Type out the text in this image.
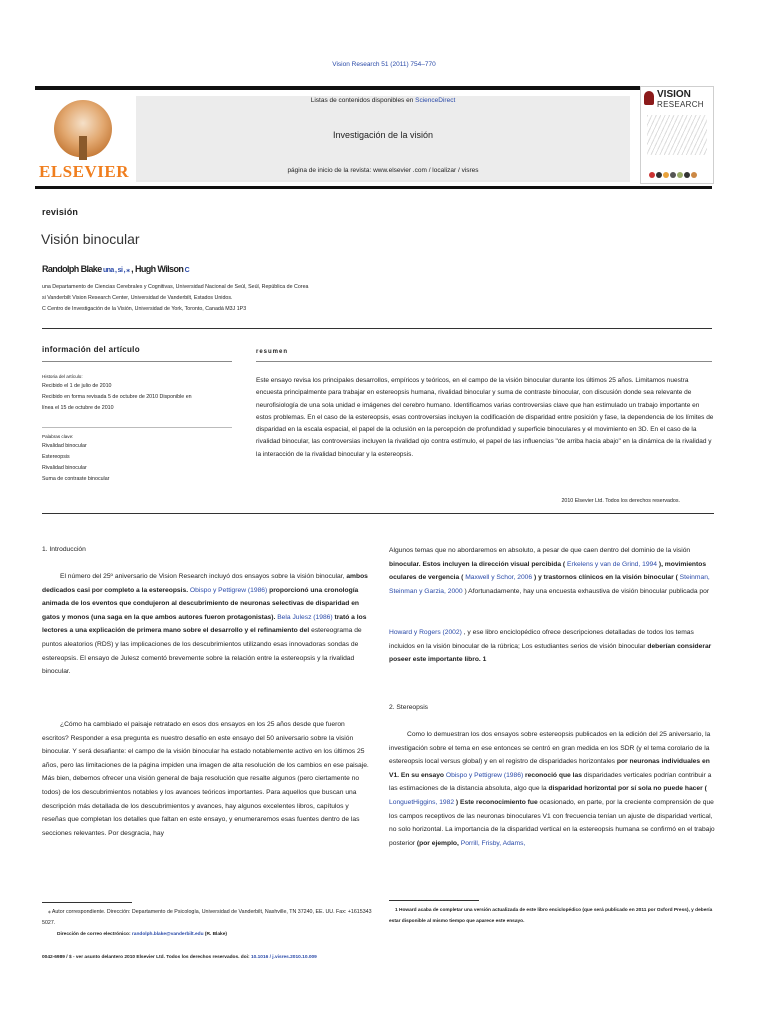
Vision Research 51 (2011) 754–770
ELSEVIER
Listas de contenidos disponibles en ScienceDirect
Investigación de la visión
página de inicio de la revista: www.elsevier .com / localizar / visres
VISION
RESEARCH
revisión
Visión binocular
Randolph Blake una , si , ⁎ , Hugh Wilson C
una Departamento de Ciencias Cerebrales y Cognitivas, Universidad Nacional de Seúl, Seúl, República de Corea
si Vanderbilt Vision Research Center, Universidad de Vanderbilt, Estados Unidos.
C Centro de Investigación de la Visión, Universidad de York, Toronto, Canadá M3J 1P3
información del artículo
Historia del artículo:
Recibido el 1 de julio de 2010
Recibido en forma revisada 5 de octubre de 2010 Disponible en
línea el 15 de octubre de 2010
Palabras clave:
Rivalidad binocular
Estereopsis
Rivalidad binocular
Suma de contraste binocular
resumen
Este ensayo revisa los principales desarrollos, empíricos y teóricos, en el campo de la visión binocular durante los últimos 25 años. Limitamos nuestra encuesta principalmente para trabajar en estereopsis humana, rivalidad binocular y suma de contraste binocular, con discusión donde sea relevante de neurofisiología de una sola unidad e imágenes del cerebro humano. Identificamos varias controversias clave que han estimulado un trabajo importante en estos problemas. En el caso de la estereopsis, esas controversias incluyen la codificación de disparidad entre posición y fase, la dependencia de los límites de disparidad en la escala espacial, el papel de la oclusión en la percepción de profundidad y superficie binoculares y el movimiento en 3D. En el caso de la rivalidad binocular, las controversias incluyen la rivalidad ojo contra estímulo, el papel de las influencias "de arriba hacia abajo" en la dinámica de la rivalidad y la interacción de la rivalidad binocular y la estereopsis.
2010 Elsevier Ltd. Todos los derechos reservados.
1. Introducción
El número del 25º aniversario de Vision Research incluyó dos ensayos sobre la visión binocular, ambos dedicados casi por completo a la estereopsis. Obispo y Pettigrew (1986) proporcionó una cronología animada de los eventos que condujeron al descubrimiento de neuronas selectivas de disparidad en gatos y monos (una saga en la que ambos autores fueron protagonistas). Bela Julesz (1986) trató a los lectores a una explicación de primera mano sobre el desarrollo y el refinamiento del estereograma de puntos aleatorios (RDS) y las implicaciones de los descubrimientos utilizando esas innovadoras sondas de estereopsis. El ensayo de Julesz comentó brevemente sobre la relación entre la estereopsis y la rivalidad binocular.
¿Cómo ha cambiado el paisaje retratado en esos dos ensayos en los 25 años desde que fueron escritos? Responder a esa pregunta es nuestro desafío en este ensayo del 50 aniversario sobre la visión binocular. Y será desafiante: el campo de la visión binocular ha estado notablemente activo en los últimos 25 años, pero las limitaciones de la página impiden una imagen de alta resolución de los cambios en ese paisaje. Más bien, debemos ofrecer una visión general de baja resolución que resalte algunos (pero ciertamente no todos) de los descubrimientos notables y los avances teóricos importantes. Para aquellos que buscan una descripción más detallada de los descubrimientos y avances, hay algunos excelentes libros, capítulos y reseñas que completan los detalles que faltan en este ensayo, y enumeraremos esas fuentes dentro de las secciones relevantes. Por desgracia, hay
⁎ Autor correspondiente. Dirección: Departamento de Psicología, Universidad de Vanderbilt, Nashville, TN 37240, EE. UU. Fax: +1615343 5027.
Dirección de correo electrónico: randolph.blake@vanderbilt.edu (R. Blake)
0042-6989 / $ - ver asunto delantero 2010 Elsevier Ltd. Todos los derechos reservados. doi: 10.1016 / j.visres.2010.10.009
Algunos temas que no abordaremos en absoluto, a pesar de que caen dentro del dominio de la visión binocular. Estos incluyen la dirección visual percibida ( Erkelens y van de Grind, 1994 ), movimientos oculares de vergencia ( Maxwell y Schor, 2006 ) y trastornos clínicos en la visión binocular ( Steinman, Steinman y Garzia, 2000 ) Afortunadamente, hay una encuesta exhaustiva de visión binocular publicada por
Howard y Rogers (2002) , y ese libro enciclopédico ofrece descripciones detalladas de todos los temas incluidos en la visión binocular de la rúbrica; Los estudiantes serios de visión binocular deberían considerar poseer este importante libro. 1
2. Stereopsis
Como lo demuestran los dos ensayos sobre estereopsis publicados en la edición del 25 aniversario, la investigación sobre el tema en ese entonces se centró en gran medida en los SDR (y el tema corolario de la estereopsis local versus global) y en el registro de disparidades horizontales por neuronas individuales en V1. En su ensayo Obispo y Pettigrew (1986) reconoció que las disparidades verticales podrían contribuir a las estimaciones de la distancia absoluta, algo que la disparidad horizontal por sí sola no puede hacer ( LonguetHiggins, 1982 ) Este reconocimiento fue ocasionado, en parte, por la creciente comprensión de que los campos receptivos de las neuronas binoculares V1 con frecuencia tenían un ajuste de disparidad vertical, no solo horizontal. La importancia de la disparidad vertical en la estereopsis humana se confirmó en el trabajo posterior (por ejemplo, Porrill, Frisby, Adams,
1 Howard acaba de completar una versión actualizada de este libro enciclopédico (que será publicado en 2011 por Oxford Press), y debería estar disponible al mismo tiempo que aparece este ensayo.
